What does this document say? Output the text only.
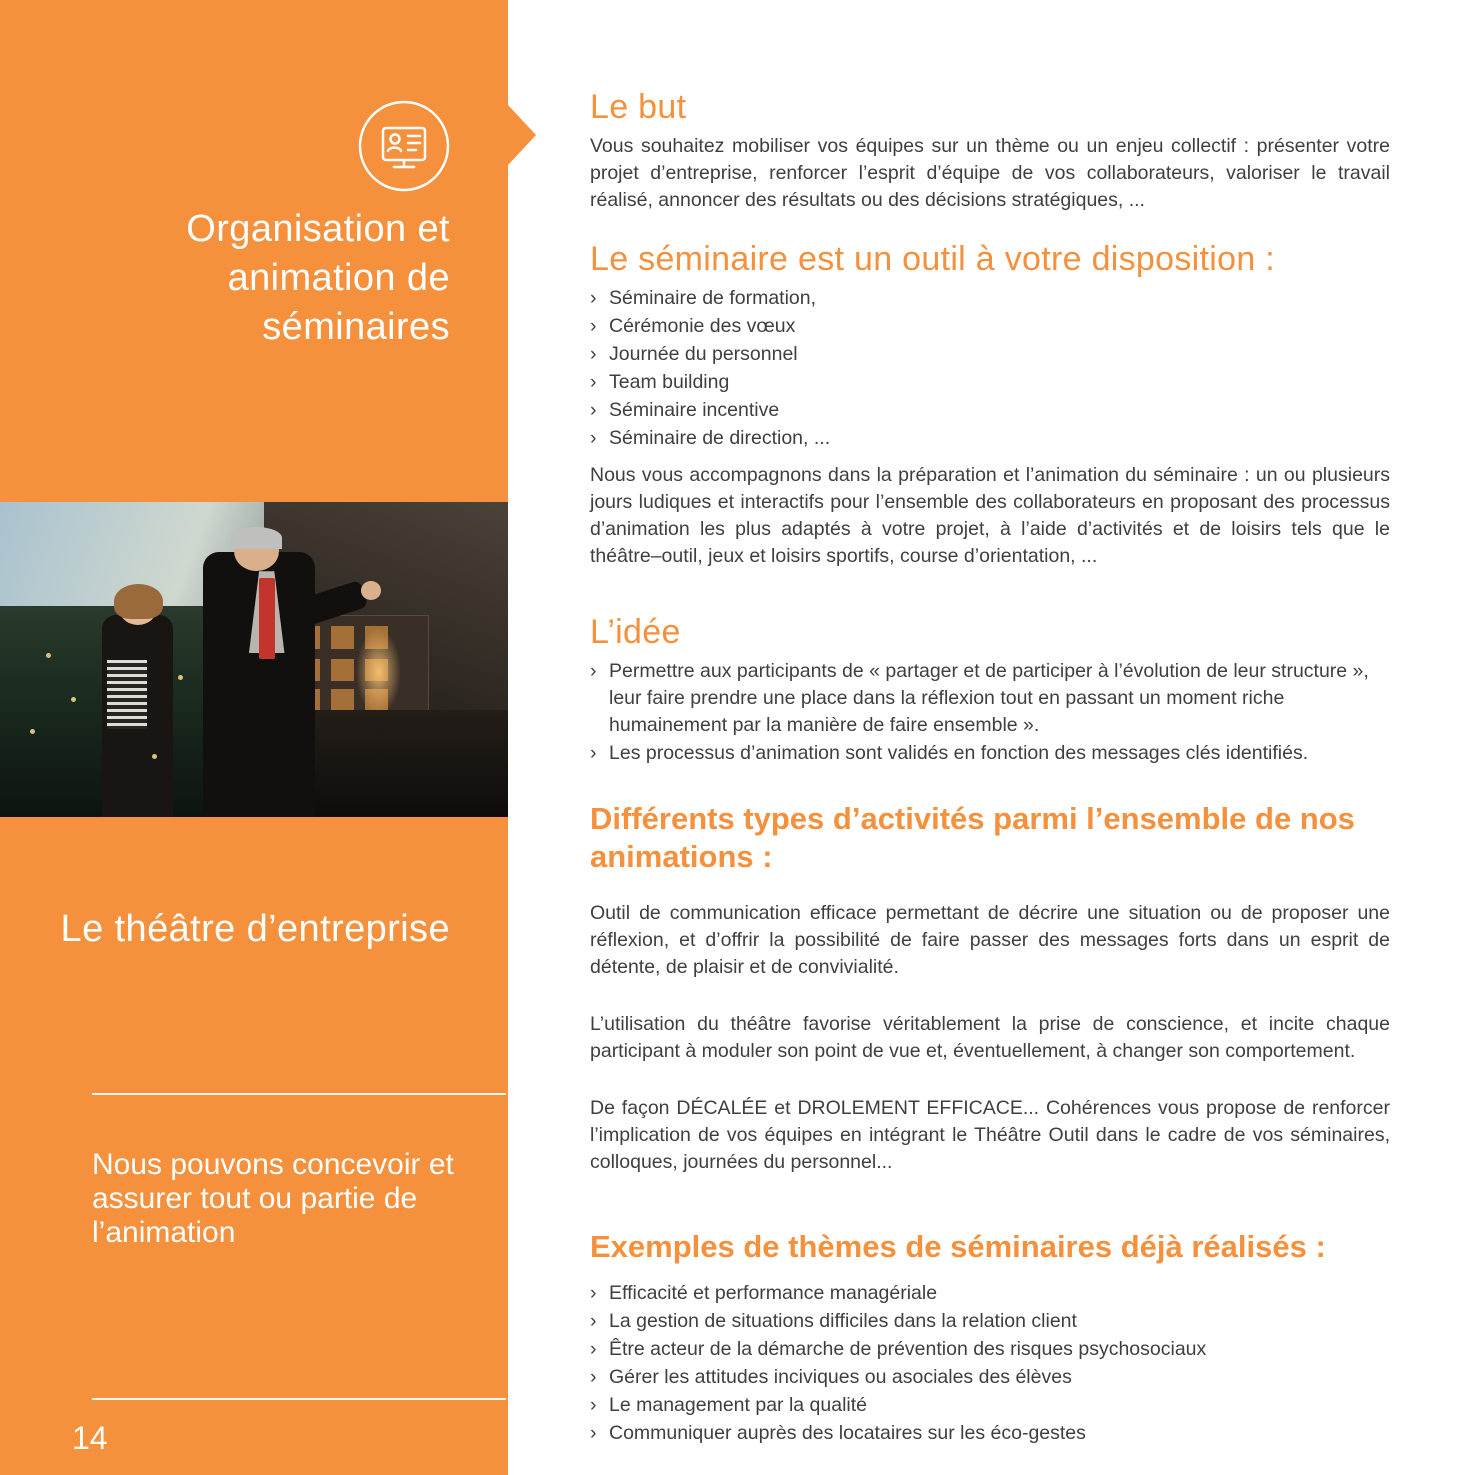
Organisation et animation de séminaires
Le théâtre d’entreprise
Nous pouvons concevoir et assurer tout ou partie de l’animation
14
Le but

Vous souhaitez mobiliser vos équipes sur un thème ou un enjeu collectif : présenter votre projet d’entreprise, renforcer l’esprit d’équipe de vos collaborateurs, valoriser le travail réalisé, annoncer des résultats ou des décisions stratégiques, ...

Le séminaire est un outil à votre disposition :
› Séminaire de formation,
› Cérémonie des vœux
› Journée du personnel
› Team building
› Séminaire incentive
› Séminaire de direction, ...

Nous vous accompagnons dans la préparation et l’animation du séminaire : un ou plusieurs jours ludiques et interactifs pour l’ensemble des collaborateurs en proposant des processus d’animation les plus adaptés à votre projet, à l’aide d’activités et de loisirs tels que le théâtre–outil, jeux et loisirs sportifs, course d’orientation, ...

L’idée
› Permettre aux participants de « partager et de participer à l’évolution de leur structure », leur faire prendre une place dans la réflexion tout en passant un moment riche humainement par la manière de faire ensemble ».
› Les processus d’animation sont validés en fonction des messages clés identifiés.
Différents types d’activités parmi l’ensemble de nos animations :

Outil de communication efficace permettant de décrire une situation ou de proposer une réflexion, et d’offrir la possibilité de faire passer des messages forts dans un esprit de détente, de plaisir et de convivialité.

L’utilisation du théâtre favorise véritablement la prise de conscience, et incite chaque participant à moduler son point de vue et, éventuellement, à changer son comportement.

De façon DÉCALÉE et DROLEMENT EFFICACE... Cohérences vous propose de renforcer l’implication de vos équipes en intégrant le Théâtre Outil dans le cadre de vos séminaires, colloques, journées du personnel...

Exemples de thèmes de séminaires déjà réalisés :
› Efficacité et performance managériale
› La gestion de situations difficiles dans la relation client
› Être acteur de la démarche de prévention des risques psychosociaux
› Gérer les attitudes inciviques ou asociales des élèves
› Le management par la qualité
› Communiquer auprès des locataires sur les éco-gestes
